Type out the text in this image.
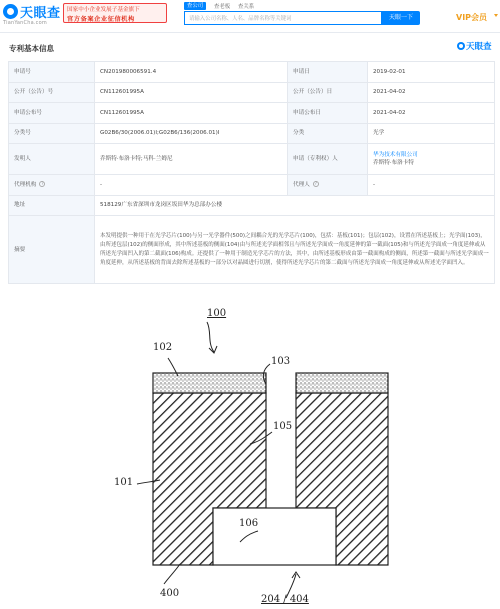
天眼查
TianYanCha.com
国家中小企业发展子基金旗下
官方备案企业征信机构
查公司	查老板 查关系
请输入公司名称、人名、品牌名称等关键词
天眼一下	VIP会员
专利基本信息	天眼查
申请号	CN201980006591.4	申请日	2019-02-01
公开（公告）号	CN112601995A	公开（公告）日	2021-04-02
申请公布号	CN112601995A	申请公布日	2021-04-02
分类号	G02B6/30(2006.01)I;G02B6/136(2006.01)I	分类	光学
发明人	乔斯特·布洛卡特;马科·兰姆尼	申请（专利权）人	华为技术有限公司
乔斯特·布洛卡特

代理机构 ?	-	代理人 ?	-
地址	518129广东省深圳市龙岗区坂田华为总部办公楼		
摘要	本发明提供一种用于在光学芯片(100)与另一光学器件(500)之间耦合光的光学芯片(100)，包括：基板(101)；包层(102)，设置在所述基板上；光学面(103)，由所述包层(102)的侧面形成，其中所述基板的侧面(104)由与所述光学面相邻且与所述光学面成一角度延伸的第一截面(105)和与所述光学面成一角度延伸或从所述光学面凹入的第二截面(106)构成。还提供了一种用于制造光学芯片的方法，其中，由所述基板形成由第一截面构成的侧面，所述第一截面与所述光学面成一角度延伸，从所述基板的背面去除所述基板的一部分以对晶圆进行切割，使得所述光学芯片的第二截面与所述光学面成一角度延伸或从所述光学面凹入。		
100
102
103
105
101
106
400
204 / 404
